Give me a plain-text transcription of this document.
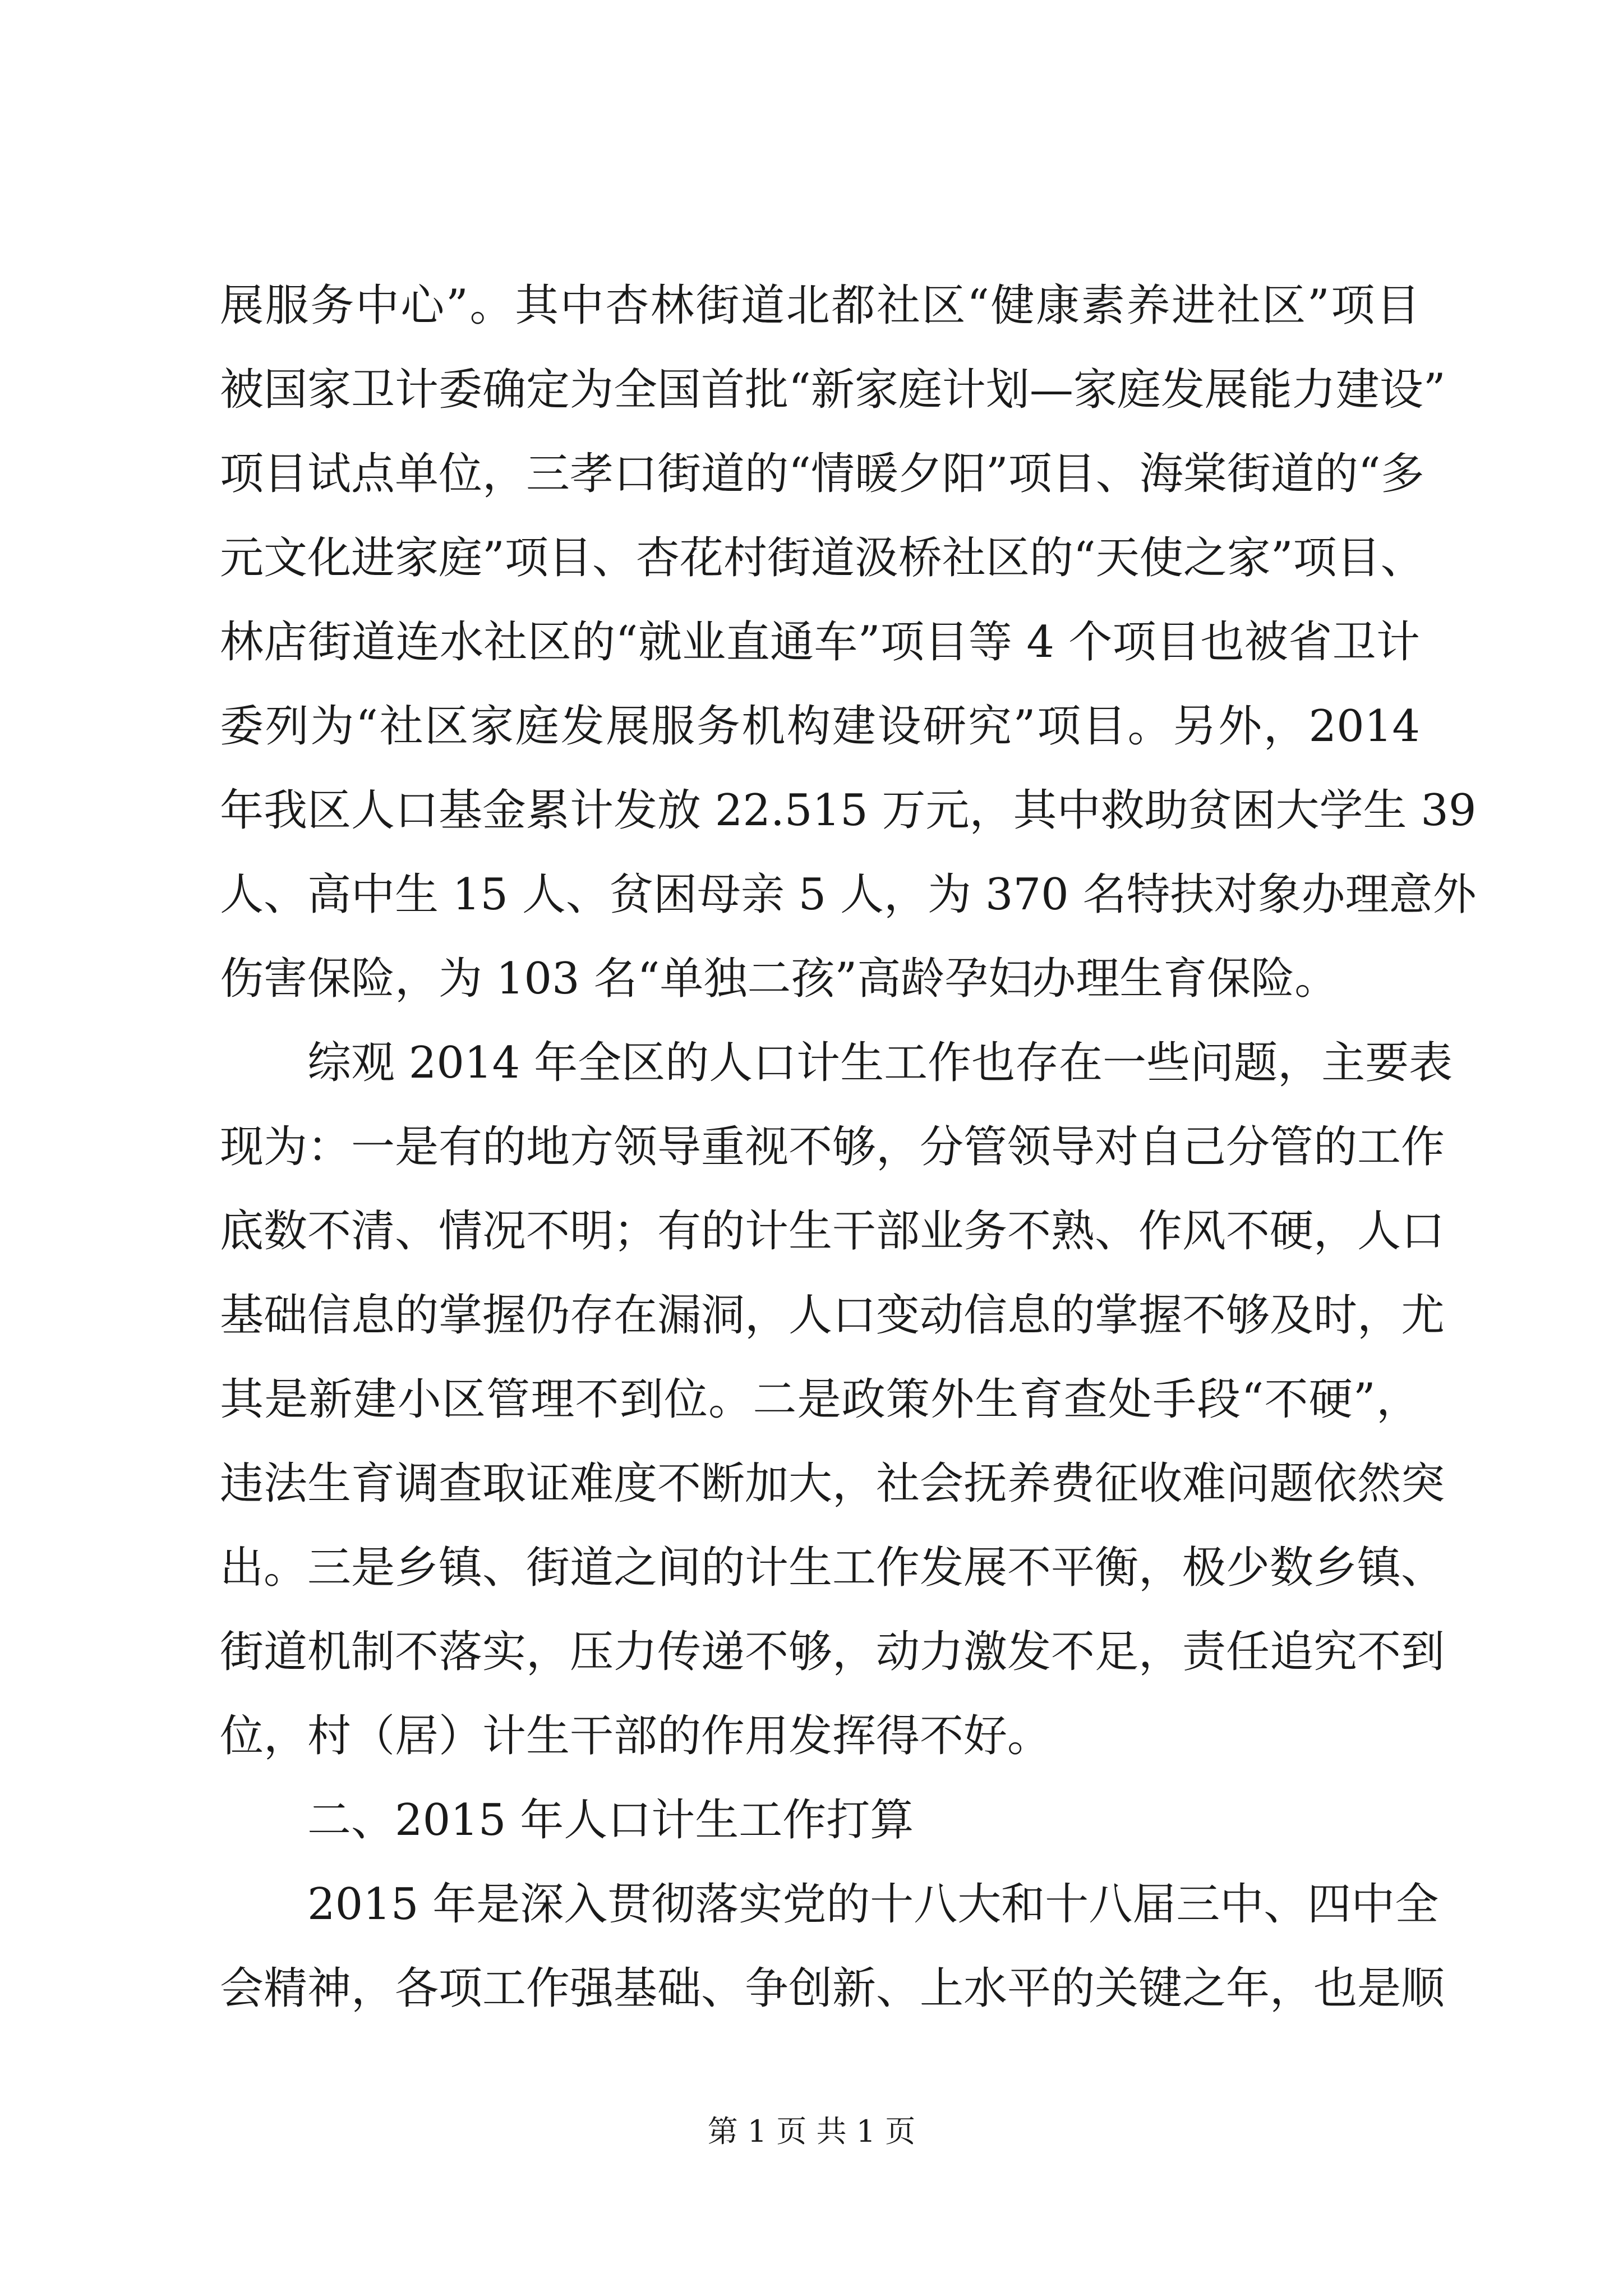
展服务中心”。其中杏林街道北都社区“健康素养进社区”项目
被国家卫计委确定为全国首批“新家庭计划—家庭发展能力建设”
项目试点单位，三孝口街道的“情暖夕阳”项目、海棠街道的“多
元文化进家庭”项目、杏花村街道汲桥社区的“天使之家”项目、
林店街道连水社区的“就业直通车”项目等 4 个项目也被省卫计
委列为“社区家庭发展服务机构建设研究”项目。另外，2014
年我区人口基金累计发放 22.515 万元，其中救助贫困大学生 39
人、高中生 15 人、贫困母亲 5 人，为 370 名特扶对象办理意外
伤害保险，为 103 名“单独二孩”高龄孕妇办理生育保险。
综观 2014 年全区的人口计生工作也存在一些问题，主要表
现为：一是有的地方领导重视不够，分管领导对自己分管的工作
底数不清、情况不明；有的计生干部业务不熟、作风不硬，人口
基础信息的掌握仍存在漏洞，人口变动信息的掌握不够及时，尤
其是新建小区管理不到位。二是政策外生育查处手段“不硬”，
违法生育调查取证难度不断加大，社会抚养费征收难问题依然突
出。三是乡镇、街道之间的计生工作发展不平衡，极少数乡镇、
街道机制不落实，压力传递不够，动力激发不足，责任追究不到
位，村（居）计生干部的作用发挥得不好。
二、2015 年人口计生工作打算
2015 年是深入贯彻落实党的十八大和十八届三中、四中全
会精神，各项工作强基础、争创新、上水平的关键之年，也是顺
第 1 页 共 1 页
